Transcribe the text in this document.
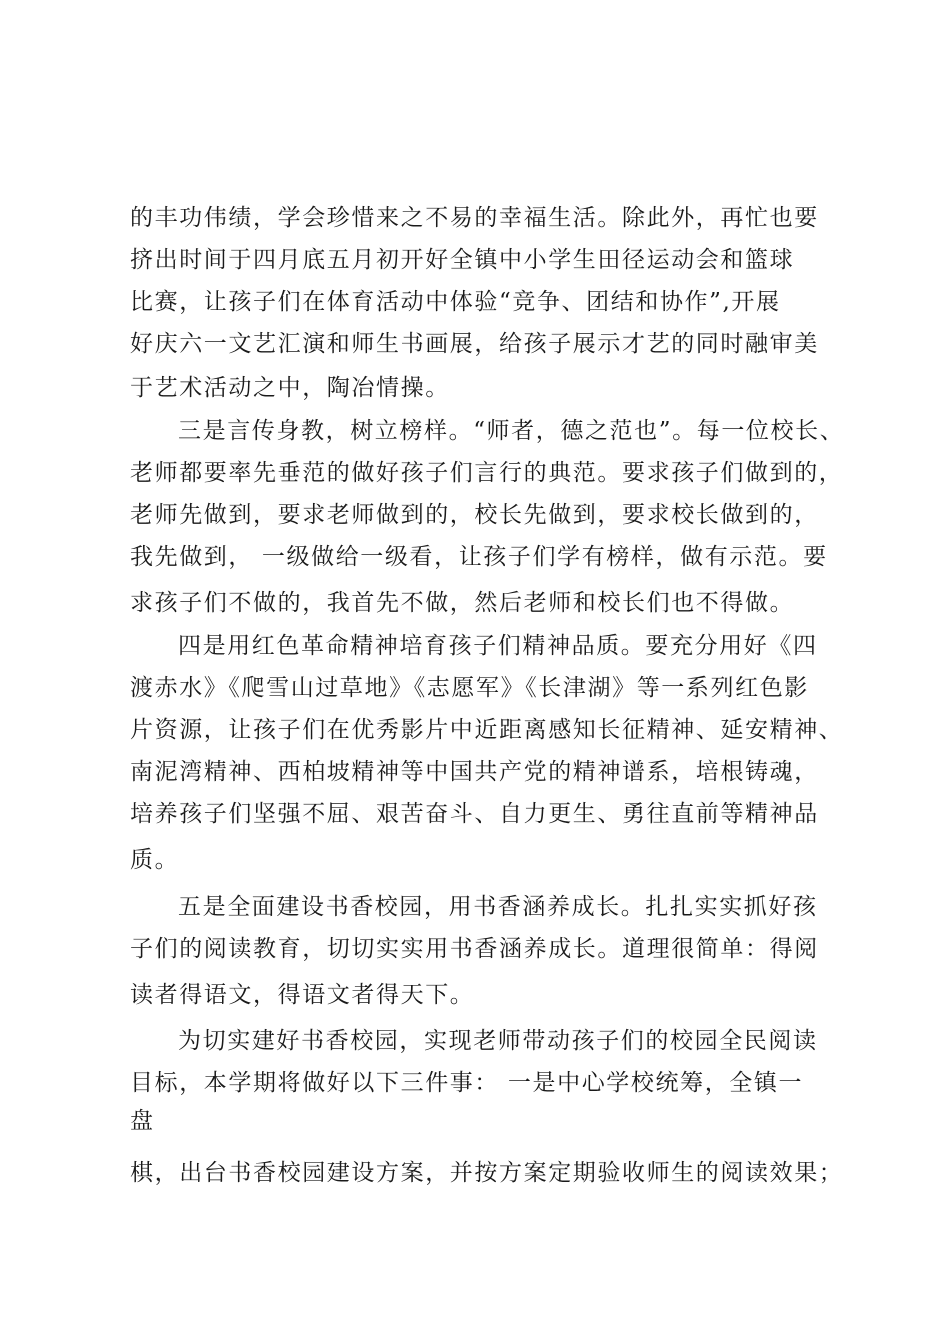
的丰功伟绩，学会珍惜来之不易的幸福生活。除此外，再忙也要
挤出时间于四月底五月初开好全镇中小学生田径运动会和篮球
比赛，让孩子们在体育活动中体验“竞争、团结和协作”,开展
好庆六一文艺汇演和师生书画展，给孩子展示才艺的同时融审美
于艺术活动之中，陶冶情操。
三是言传身教，树立榜样。“师者，德之范也”。每一位校长、
老师都要率先垂范的做好孩子们言行的典范。要求孩子们做到的，
老师先做到，要求老师做到的，校长先做到，要求校长做到的，
我先做到， 一级做给一级看，让孩子们学有榜样，做有示范。要
求孩子们不做的，我首先不做，然后老师和校长们也不得做。
四是用红色革命精神培育孩子们精神品质。要充分用好《四
渡赤水》《爬雪山过草地》《志愿军》《长津湖》等一系列红色影
片资源，让孩子们在优秀影片中近距离感知长征精神、延安精神、
南泥湾精神、西柏坡精神等中国共产党的精神谱系，培根铸魂，
培养孩子们坚强不屈、艰苦奋斗、自力更生、勇往直前等精神品
质。
五是全面建设书香校园，用书香涵养成长。扎扎实实抓好孩
子们的阅读教育，切切实实用书香涵养成长。道理很简单：得阅
读者得语文，得语文者得天下。
为切实建好书香校园，实现老师带动孩子们的校园全民阅读
目标，本学期将做好以下三件事： 一是中心学校统筹，全镇一
盘
棋，出台书香校园建设方案，并按方案定期验收师生的阅读效果；
